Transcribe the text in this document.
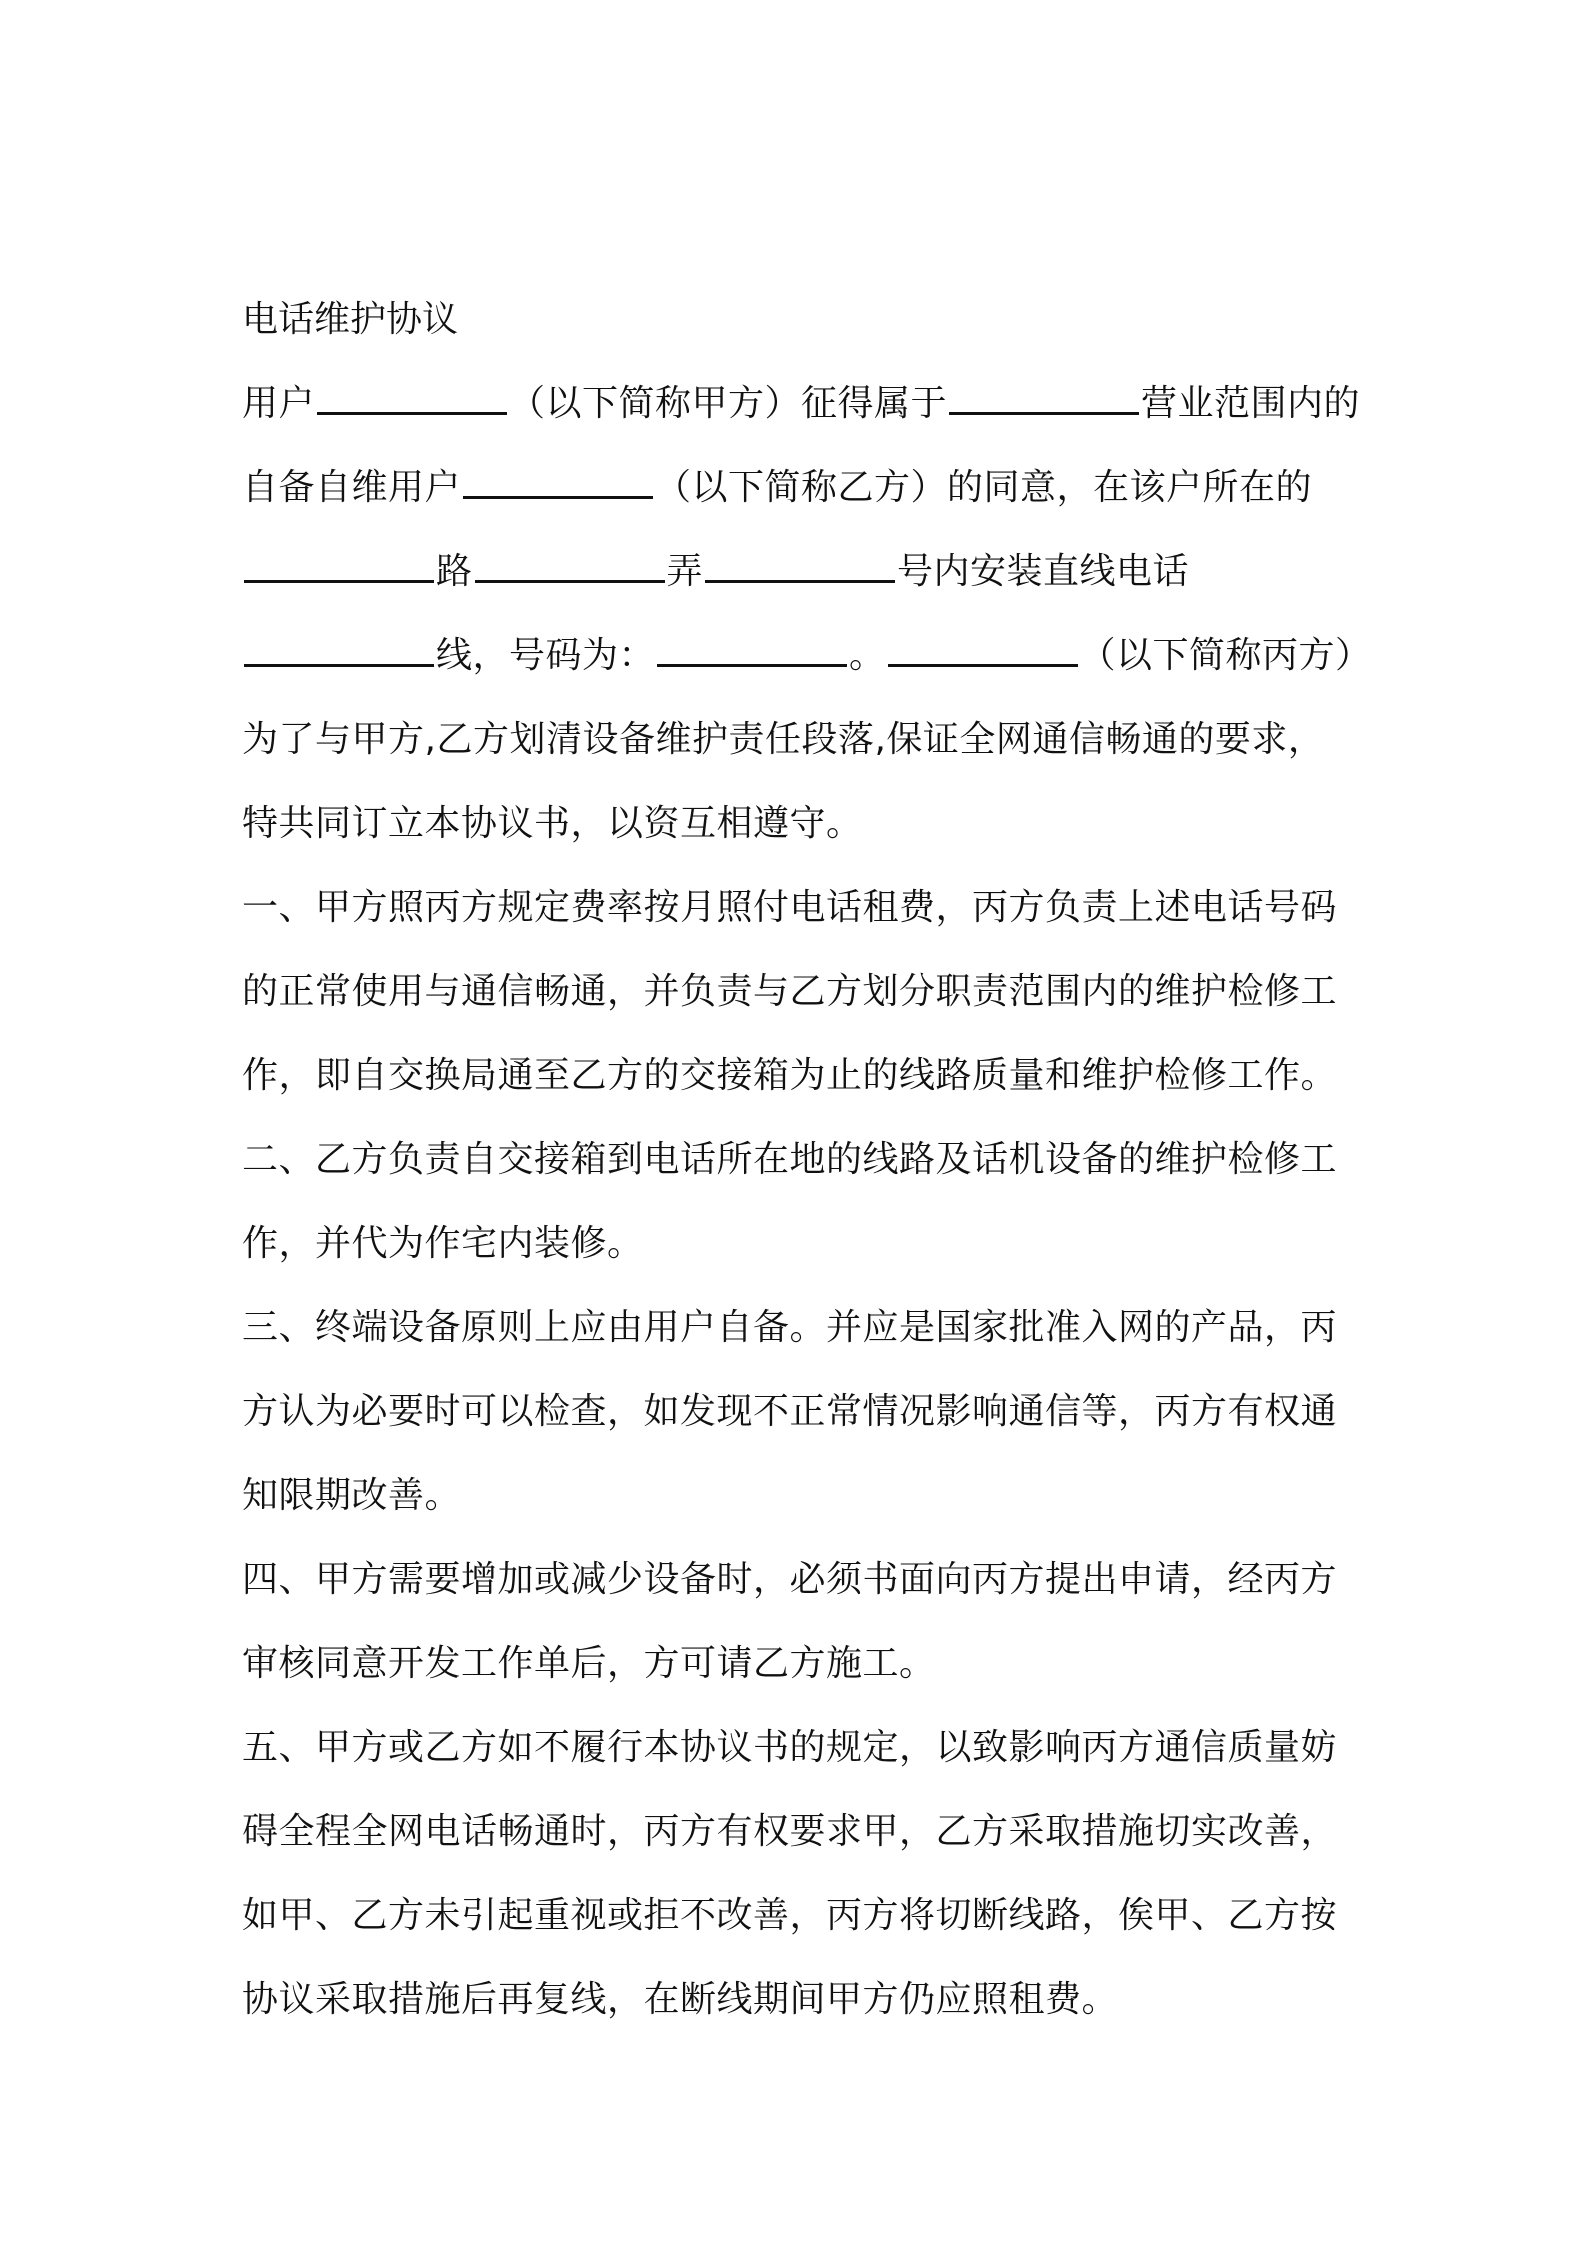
电话维护协议
用户	（以下简称甲方）征得属于	营业范围内的
自备自维用户	（以下简称乙方）的同意，在该户所在的
路	弄	号内安装直线电话
线，号码为：	。	（以下简称丙方）
为了与甲方,乙方划清设备维护责任段落,保证全网通信畅通的要求，
特共同订立本协议书，以资互相遵守。
一、甲方照丙方规定费率按月照付电话租费，丙方负责上述电话号码
的正常使用与通信畅通，并负责与乙方划分职责范围内的维护检修工
作，即自交换局通至乙方的交接箱为止的线路质量和维护检修工作。
二、乙方负责自交接箱到电话所在地的线路及话机设备的维护检修工
作，并代为作宅内装修。
三、终端设备原则上应由用户自备。并应是国家批准入网的产品，丙
方认为必要时可以检查，如发现不正常情况影响通信等，丙方有权通
知限期改善。
四、甲方需要增加或减少设备时，必须书面向丙方提出申请，经丙方
审核同意开发工作单后，方可请乙方施工。
五、甲方或乙方如不履行本协议书的规定，以致影响丙方通信质量妨
碍全程全网电话畅通时，丙方有权要求甲，乙方采取措施切实改善，
如甲、乙方未引起重视或拒不改善，丙方将切断线路，俟甲、乙方按
协议采取措施后再复线，在断线期间甲方仍应照租费。
